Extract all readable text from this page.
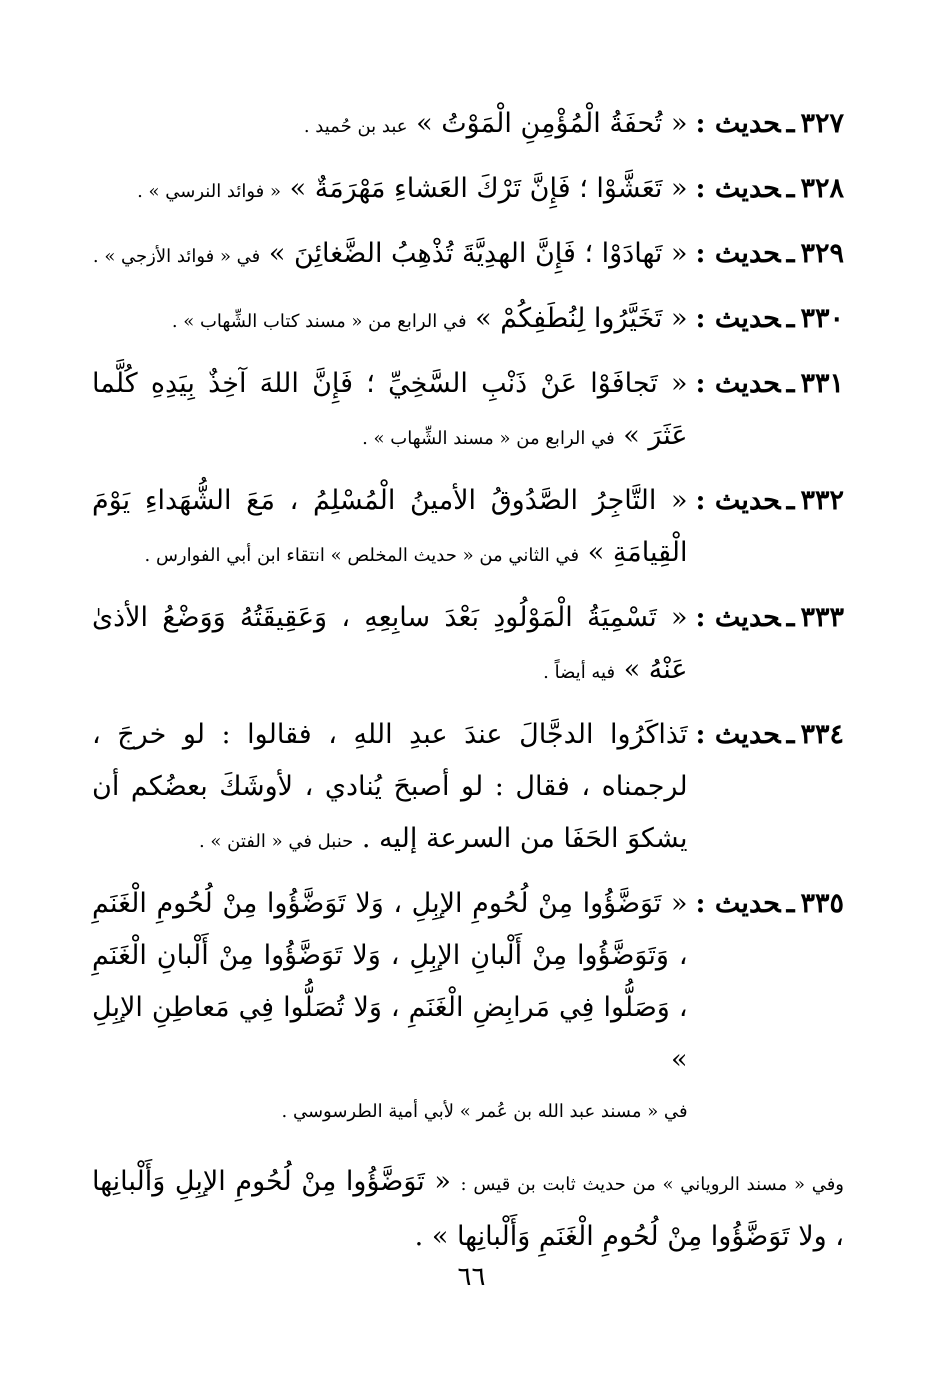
٣٢٧ـحديث :
« تُحفَةُ الْمُؤْمِنِ الْمَوْتُ » عبد بن حُميد .
٣٢٨ـحديث :
« تَعَشَّوْا ؛ فَإِنَّ تَرْكَ العَشاءِ مَهْرَمَةٌ » « فوائد النرسي » .
٣٢٩ـحديث :
« تَهادَوْا ؛ فَإِنَّ الهدِيَّةَ تُذْهِبُ الضَّغائِنَ » في « فوائد الأزجي » .
٣٣٠ـحديث :
« تَخَيَّرُوا لِنُطَفِكُمْ » في الرابع من « مسند كتاب الشِّهاب » .
٣٣١ـحديث :
« تَجافَوْا عَنْ ذَنْبِ السَّخِيِّ ؛ فَإِنَّ اللهَ آخِذٌ بِيَدِهِ كُلَّما عَثَرَ » في الرابع من « مسند الشِّهاب » .
٣٣٢ـحديث :
« التَّاجِرُ الصَّدُوقُ الأمينُ الْمُسْلِمُ ، مَعَ الشُّهَداءِ يَوْمَ الْقِيامَةِ » في الثاني من « حديث المخلص » انتقاء ابن أبي الفوارس .
٣٣٣ـحديث :
« تَسْمِيَةُ الْمَوْلُودِ بَعْدَ سابِعِهِ ، وَعَقِيقَتُهُ وَوَضْعُ الأذىٰ عَنْهُ » فيه أيضاً .
٣٣٤ـحديث :
تَذاكَرُوا الدجَّالَ عندَ عبدِ اللهِ ، فقالوا : لو خرجَ ، لرجمناه ، فقال : لو أصبحَ يُنادي ، لأوشَكَ بعضُكم أن يشكوَ الحَفَا من السرعة إليه . حنبل في « الفتن » .
٣٣٥ـحديث :
« تَوَضَّؤُوا مِنْ لُحُومِ الإبِلِ ، وَلا تَوَضَّؤُوا مِنْ لُحُومِ الْغَنَمِ ، وَتَوَضَّؤُوا مِنْ أَلْبانِ الإبِلِ ، وَلا تَوَضَّؤُوا مِنْ أَلْبانِ الْغَنَمِ ، وَصَلُّوا فِي مَرابِضِ الْغَنَمِ ، وَلا تُصَلُّوا فِي مَعاطِنِ الإبِلِ »
في « مسند عبد الله بن عُمر » لأبي أمية الطرسوسي .
وفي « مسند الروياني » من حديث ثابت بن قيس : « تَوَضَّؤُوا مِنْ لُحُومِ الإبِلِ وَأَلْبانِها ، ولا تَوَضَّؤُوا مِنْ لُحُومِ الْغَنَمِ وَأَلْبانِها » .
٦٦
